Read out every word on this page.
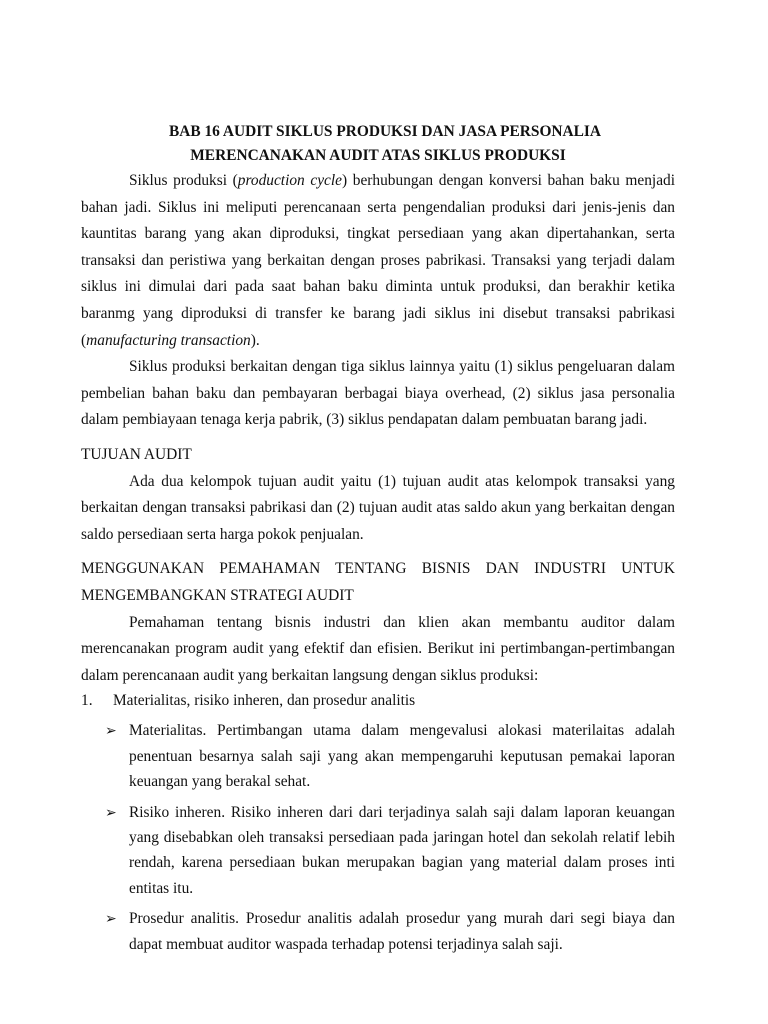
BAB 16 AUDIT SIKLUS PRODUKSI DAN JASA PERSONALIA
MERENCANAKAN AUDIT ATAS SIKLUS PRODUKSI

Siklus produksi (production cycle) berhubungan dengan konversi bahan baku menjadi bahan jadi. Siklus ini meliputi perencanaan serta pengendalian produksi dari jenis-jenis dan kauntitas barang yang akan diproduksi, tingkat persediaan yang akan dipertahankan, serta transaksi dan peristiwa yang berkaitan dengan proses pabrikasi. Transaksi yang terjadi dalam siklus ini dimulai dari pada saat bahan baku diminta untuk produksi, dan berakhir ketika baranmg yang diproduksi di transfer ke barang jadi siklus ini disebut transaksi pabrikasi (manufacturing transaction).

Siklus produksi berkaitan dengan tiga siklus lainnya yaitu (1) siklus pengeluaran dalam pembelian bahan baku dan pembayaran berbagai biaya overhead, (2) siklus jasa personalia dalam pembiayaan tenaga kerja pabrik, (3) siklus pendapatan dalam pembuatan barang jadi.

TUJUAN AUDIT

Ada dua kelompok tujuan audit yaitu (1) tujuan audit atas kelompok transaksi yang berkaitan dengan transaksi pabrikasi dan (2) tujuan audit atas saldo akun yang berkaitan dengan saldo persediaan serta harga pokok penjualan.

MENGGUNAKAN PEMAHAMAN TENTANG BISNIS DAN INDUSTRI UNTUK

MENGEMBANGKAN STRATEGI AUDIT

Pemahaman tentang bisnis industri dan klien akan membantu auditor dalam merencanakan program audit yang efektif dan efisien. Berikut ini pertimbangan-pertimbangan dalam perencanaan audit yang berkaitan langsung dengan siklus produksi:

1. Materialitas, risiko inheren, dan prosedur analitis

➢ Materialitas. Pertimbangan utama dalam mengevalusi alokasi materilaitas adalah penentuan besarnya salah saji yang akan mempengaruhi keputusan pemakai laporan keuangan yang berakal sehat.

➢ Risiko inheren. Risiko inheren dari dari terjadinya salah saji dalam laporan keuangan yang disebabkan oleh transaksi persediaan pada jaringan hotel dan sekolah relatif lebih rendah, karena persediaan bukan merupakan bagian yang material dalam proses inti entitas itu.

➢ Prosedur analitis. Prosedur analitis adalah prosedur yang murah dari segi biaya dan dapat membuat auditor waspada terhadap potensi terjadinya salah saji.
